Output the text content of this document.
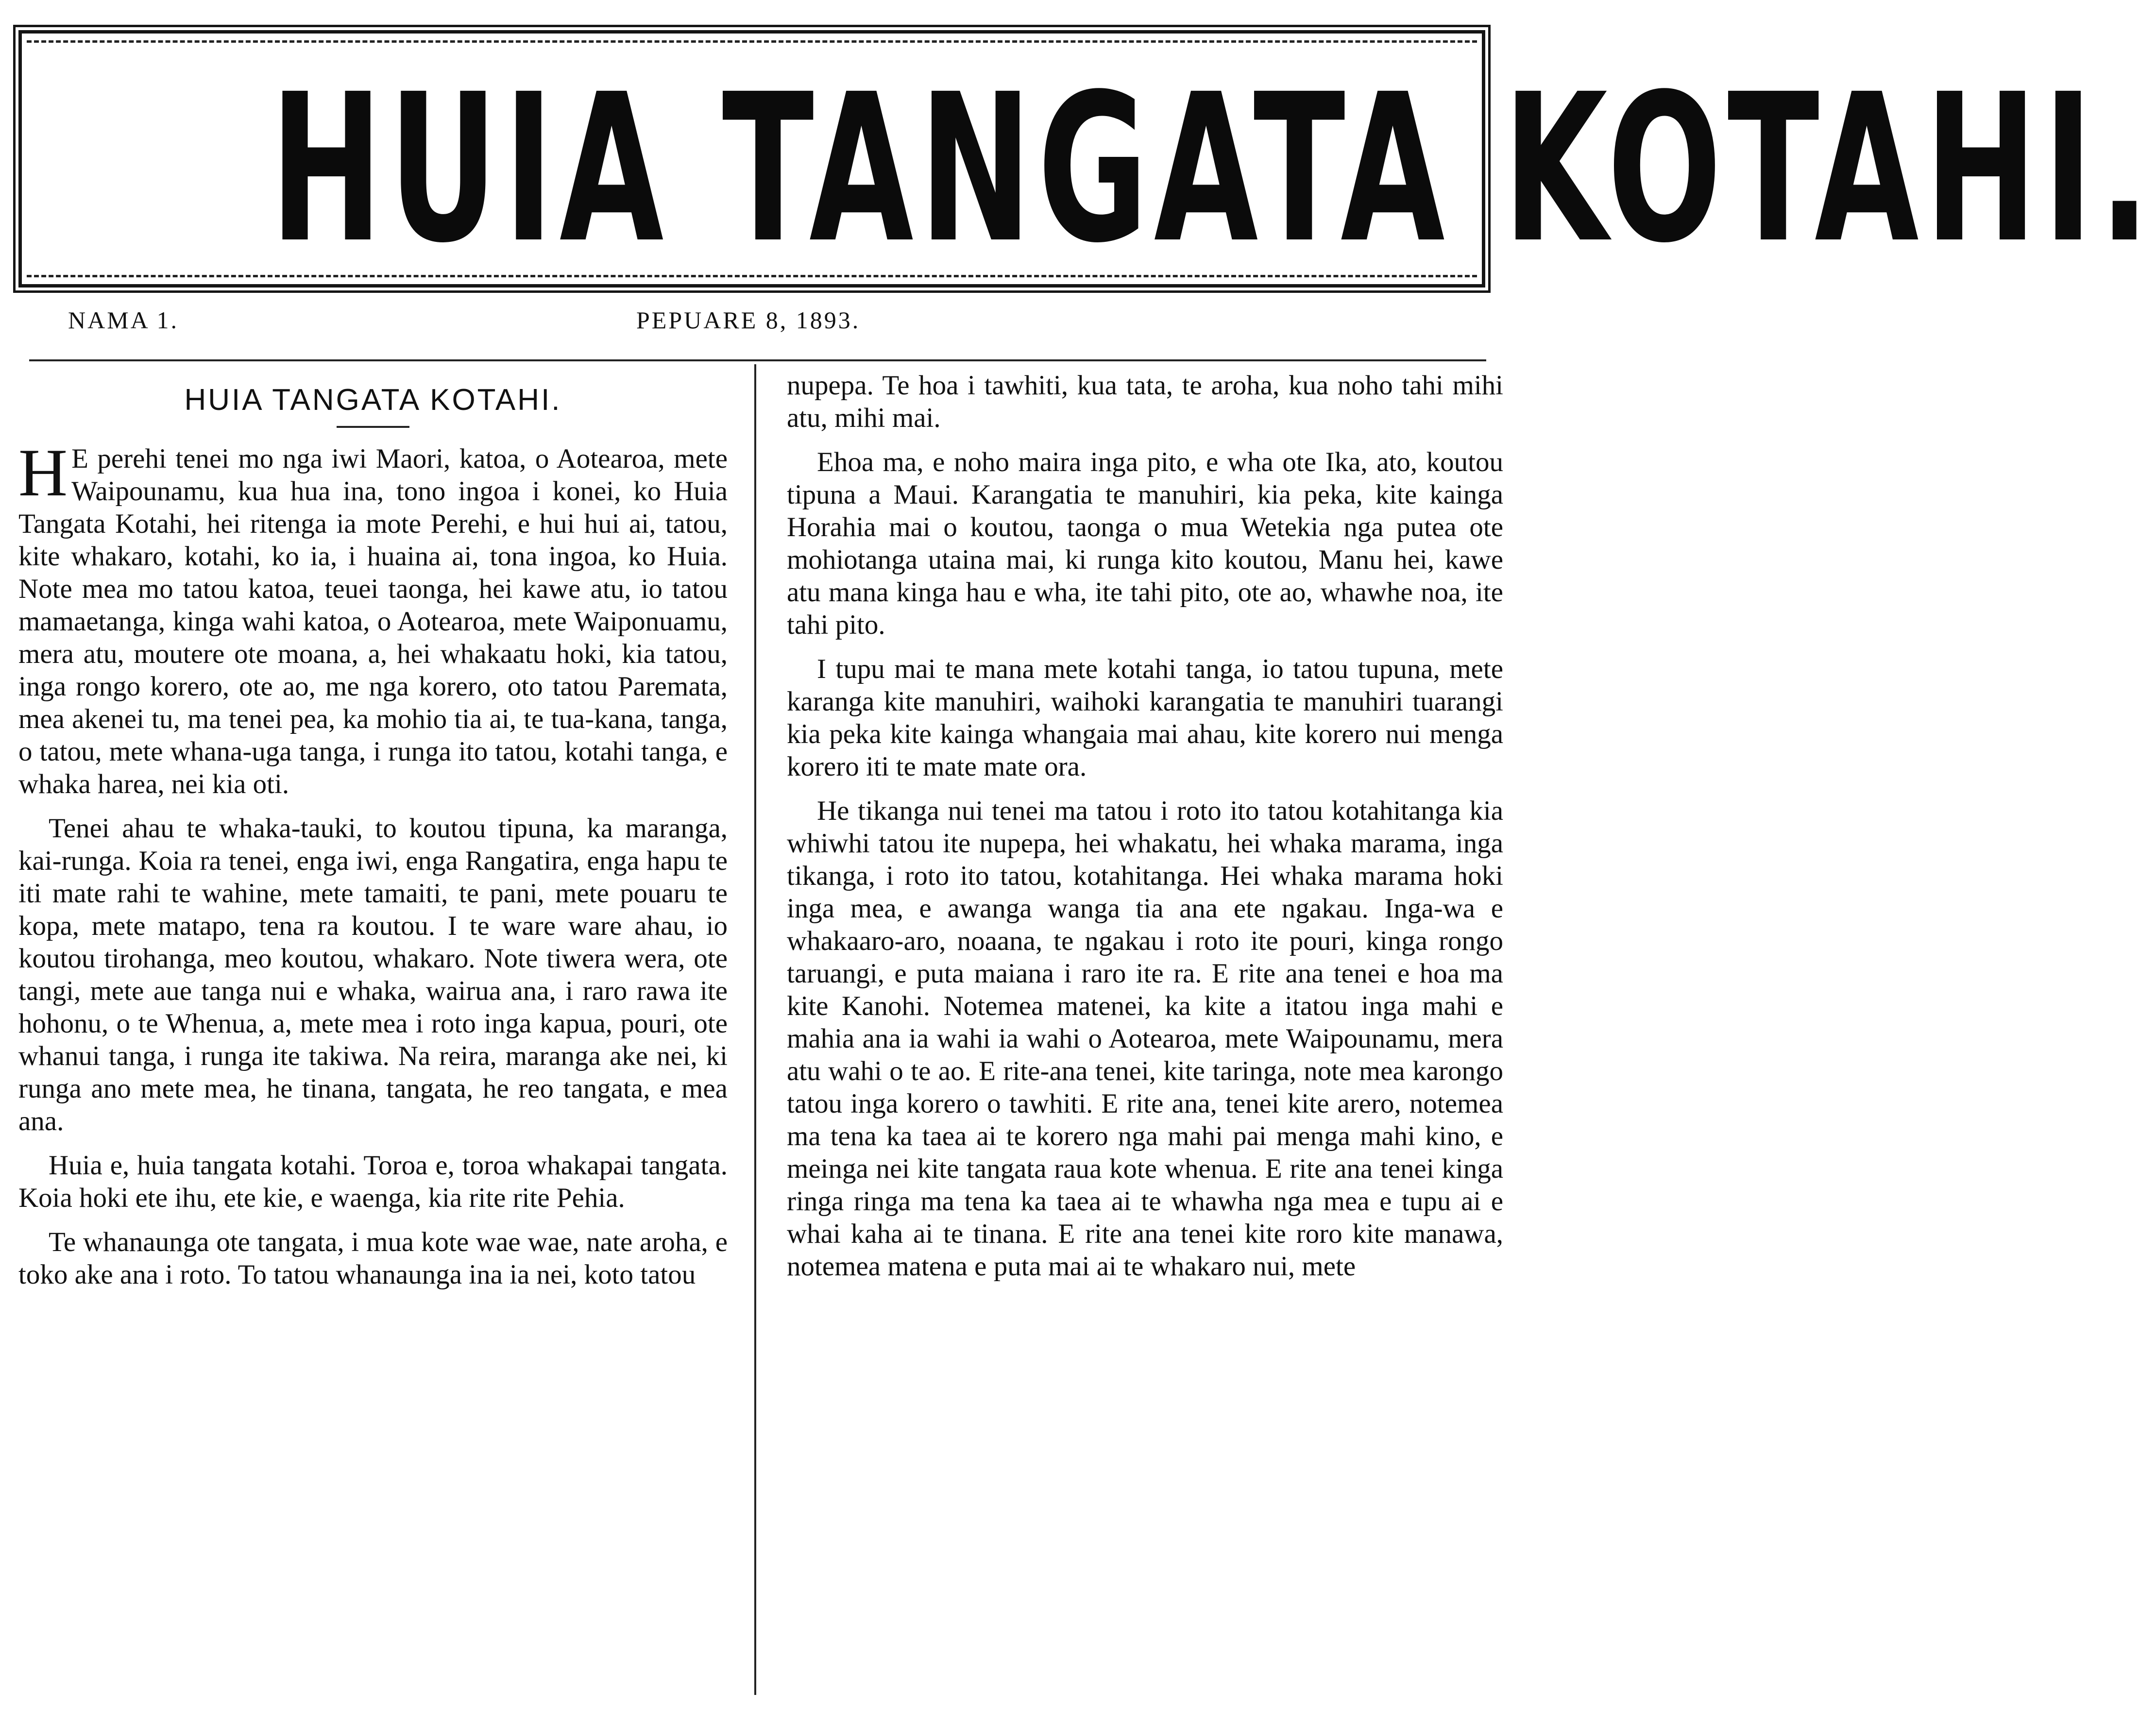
HUIA TANGATA KOTAHI.
NAMA 1.	PEPUARE 8, 1893.
HUIA TANGATA KOTAHI.

H E perehi tenei mo nga iwi Maori, katoa, o Aotearoa, mete Waipounamu, kua hua ina, tono ingoa i konei, ko Huia Tangata Kotahi, hei ritenga ia mote Perehi, e hui hui ai, tatou, kite whakaro, kotahi, ko ia, i huaina ai, tona ingoa, ko Huia. Note mea mo tatou katoa, teuei taonga, hei kawe atu, io tatou mamaetanga, kinga wahi katoa, o Aotearoa, mete Waiponuamu, mera atu, moutere ote moana, a, hei whakaatu hoki, kia tatou, inga rongo korero, ote ao, me nga korero, oto tatou Paremata, mea akenei tu, ma tenei pea, ka mohio tia ai, te tua-kana, tanga, o tatou, mete whana-uga tanga, i runga ito tatou, kotahi tanga, e whaka harea, nei kia oti.

Tenei ahau te whaka-tauki, to koutou tipuna, ka maranga, kai-runga. Koia ra tenei, enga iwi, enga Rangatira, enga hapu te iti mate rahi te wahine, mete tamaiti, te pani, mete pouaru te kopa, mete matapo, tena ra koutou. I te ware ware ahau, io koutou tirohanga, meo koutou, whakaro. Note tiwera wera, ote tangi, mete aue tanga nui e whaka, wairua ana, i raro rawa ite hohonu, o te Whenua, a, mete mea i roto inga kapua, pouri, ote whanui tanga, i runga ite takiwa. Na reira, maranga ake nei, ki runga ano mete mea, he tinana, tangata, he reo tangata, e mea ana.

Huia e, huia tangata kotahi. Toroa e, toroa whakapai tangata. Koia hoki ete ihu, ete kie, e waenga, kia rite rite Pehia.

Te whanaunga ote tangata, i mua kote wae wae, nate aroha, e toko ake ana i roto. To tatou whanaunga ina ia nei, koto tatou

nupepa. Te hoa i tawhiti, kua tata, te aroha, kua noho tahi mihi atu, mihi mai.

Ehoa ma, e noho maira inga pito, e wha ote Ika, ato, koutou tipuna a Maui. Karangatia te manuhiri, kia peka, kite kainga Horahia mai o koutou, taonga o mua Wetekia nga putea ote mohiotanga utaina mai, ki runga kito koutou, Manu hei, kawe atu mana kinga hau e wha, ite tahi pito, ote ao, whawhe noa, ite tahi pito.

I tupu mai te mana mete kotahi tanga, io tatou tupuna, mete karanga kite manuhiri, waihoki karangatia te manuhiri tuarangi kia peka kite kainga whangaia mai ahau, kite korero nui menga korero iti te mate mate ora.

He tikanga nui tenei ma tatou i roto ito tatou kotahitanga kia whiwhi tatou ite nupepa, hei whakatu, hei whaka marama, inga tikanga, i roto ito tatou, kotahitanga. Hei whaka marama hoki inga mea, e awanga wanga tia ana ete ngakau. Inga-wa e whakaaro-aro, noaana, te ngakau i roto ite pouri, kinga rongo taruangi, e puta maiana i raro ite ra. E rite ana tenei e hoa ma kite Kanohi. Notemea matenei, ka kite a itatou inga mahi e mahia ana ia wahi ia wahi o Aotearoa, mete Waipounamu, mera atu wahi o te ao. E rite-ana tenei, kite taringa, note mea karongo tatou inga korero o tawhiti. E rite ana, tenei kite arero, notemea ma tena ka taea ai te korero nga mahi pai menga mahi kino, e meinga nei kite tangata raua kote whenua. E rite ana tenei kinga ringa ringa ma tena ka taea ai te whawha nga mea e tupu ai e whai kaha ai te tinana. E rite ana tenei kite roro kite manawa, notemea matena e puta mai ai te whakaro nui, mete
